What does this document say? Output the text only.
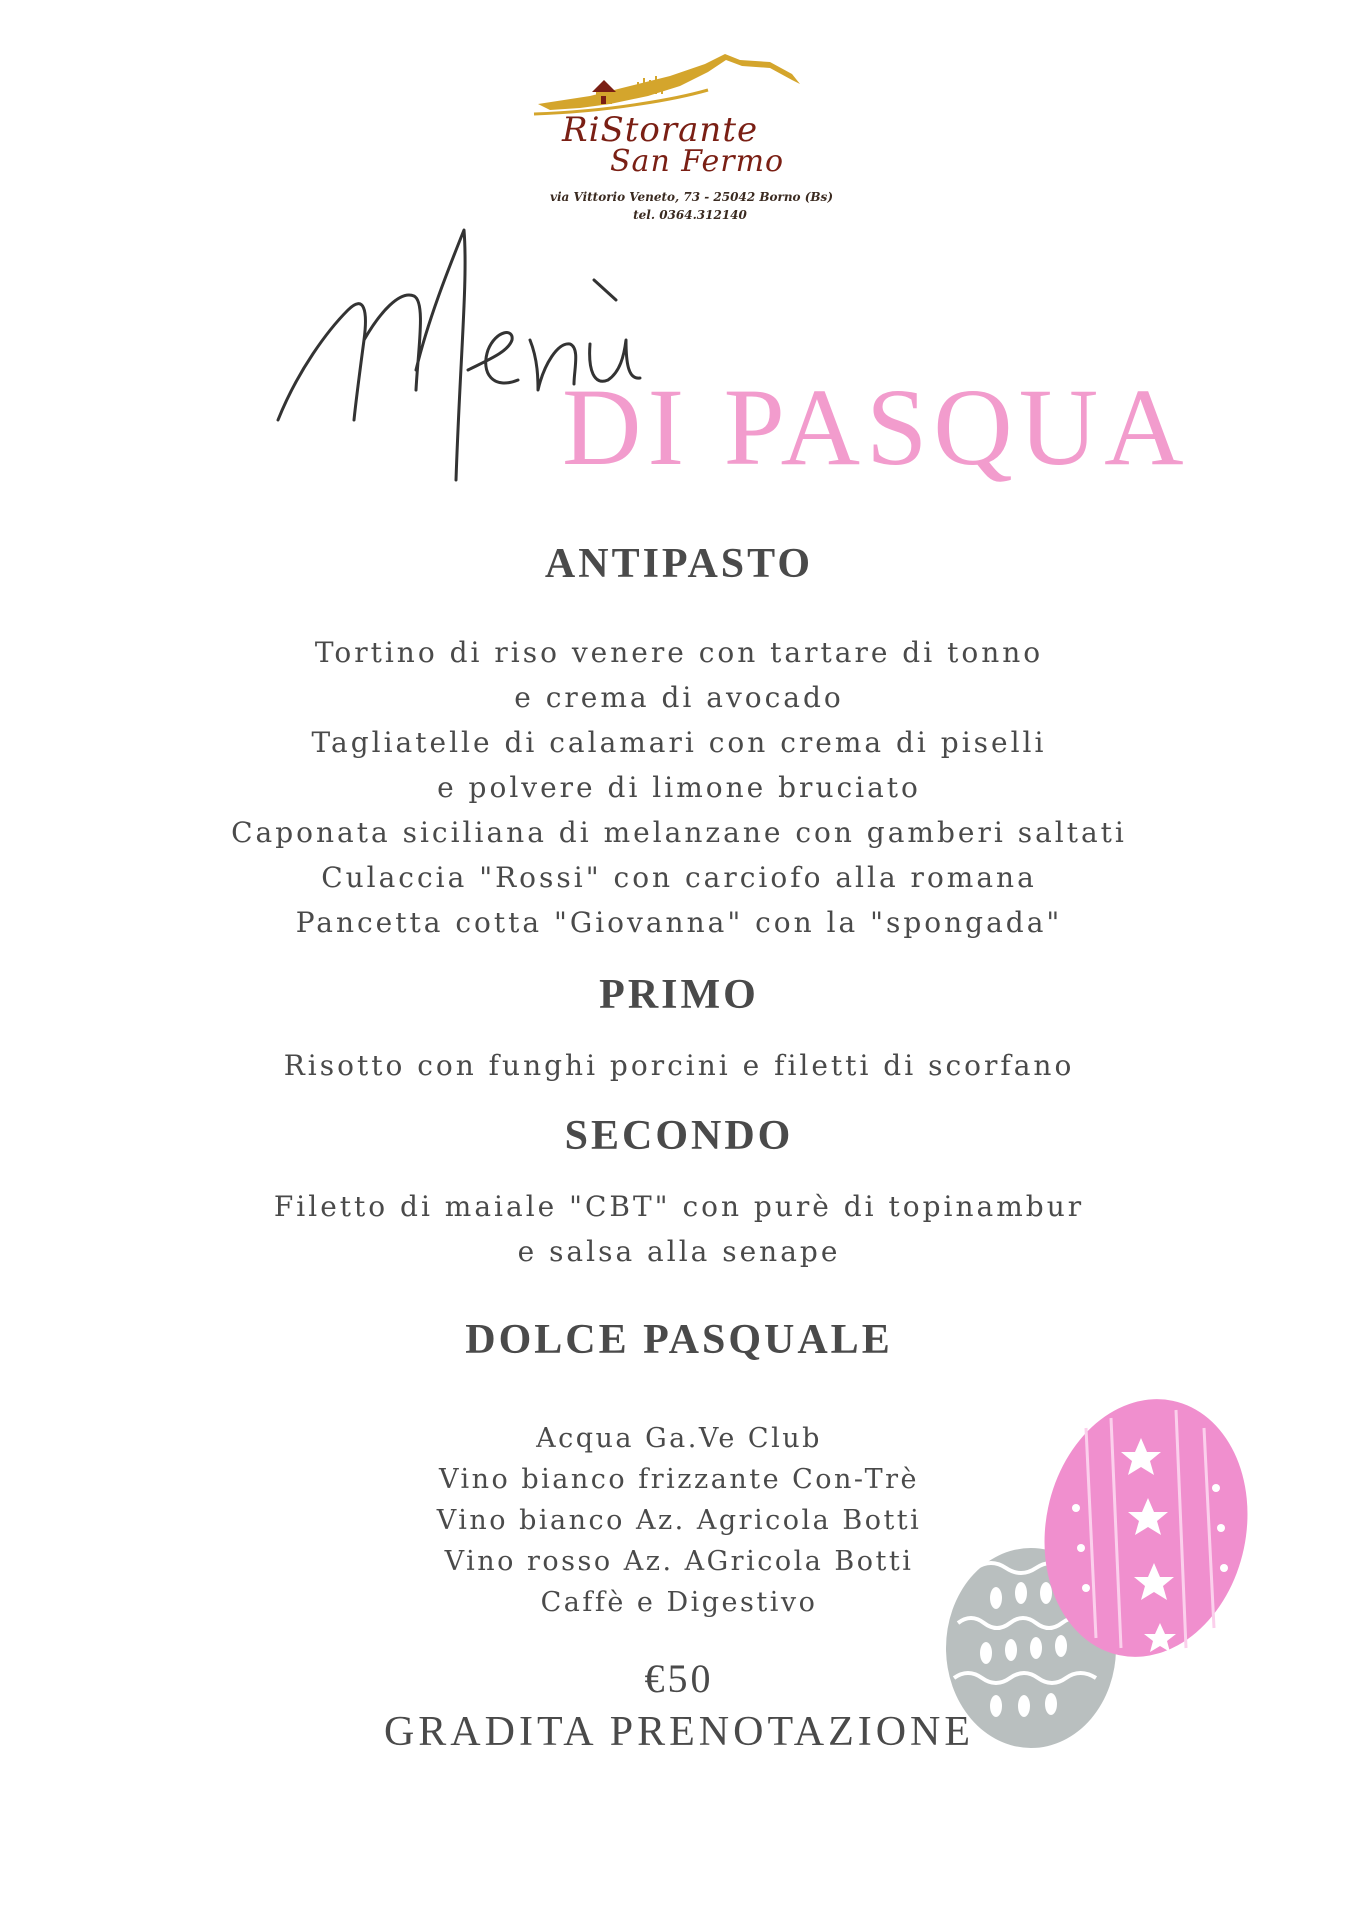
RiStorante
San Fermo
via Vittorio Veneto, 73 - 25042 Borno (Bs)
tel. 0364.312140
DI PASQUA
ANTIPASTO
Tortino di riso venere con tartare di tonno
e crema di avocado
Tagliatelle di calamari con crema di piselli
e polvere di limone bruciato
Caponata siciliana di melanzane con gamberi saltati
Culaccia "Rossi" con carciofo alla romana
Pancetta cotta "Giovanna" con la "spongada"
PRIMO
Risotto con funghi porcini e filetti di scorfano
SECONDO
Filetto di maiale "CBT" con purè di topinambur
e salsa alla senape
DOLCE PASQUALE
Acqua Ga.Ve Club
Vino bianco frizzante Con-Trè
Vino bianco Az. Agricola Botti
Vino rosso Az. AGricola Botti
Caffè e Digestivo

€50

GRADITA PRENOTAZIONE
